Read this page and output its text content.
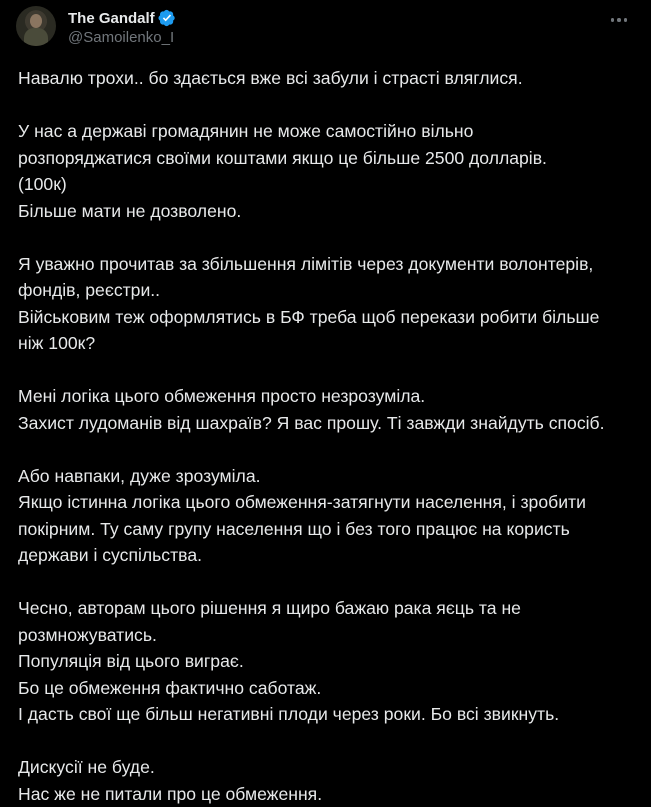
The Gandalf
@Samoilenko_I
Навалю трохи.. бо здається вже всі забули і страсті вляглися.
У нас а державі громадянин не може самостійно вільно
розпоряджатися своїми коштами якщо це більше 2500 долларів.
(100к)
Більше мати не дозволено.
Я уважно прочитав за збільшення лімітів через документи волонтерів,
фондів, реєстри..
Військовим теж оформлятись в БФ треба щоб перекази робити більше
ніж 100к?
Мені логіка цього обмеження просто незрозуміла.
Захист лудоманів від шахраїв? Я вас прошу. Ті завжди знайдуть спосіб.
Або навпаки, дуже зрозуміла.
Якщо істинна логіка цього обмеження-затягнути населення, і зробити
покірним. Ту саму групу населення що і без того працює на користь
держави і суспільства.
Чесно, авторам цього рішення я щиро бажаю рака яєць та не
розмножуватись.
Популяція від цього виграє.
Бо це обмеження фактично саботаж.
І дасть свої ще більш негативні плоди через роки. Бо всі звикнуть.
Дискусії не буде.
Нас же не питали про це обмеження.
